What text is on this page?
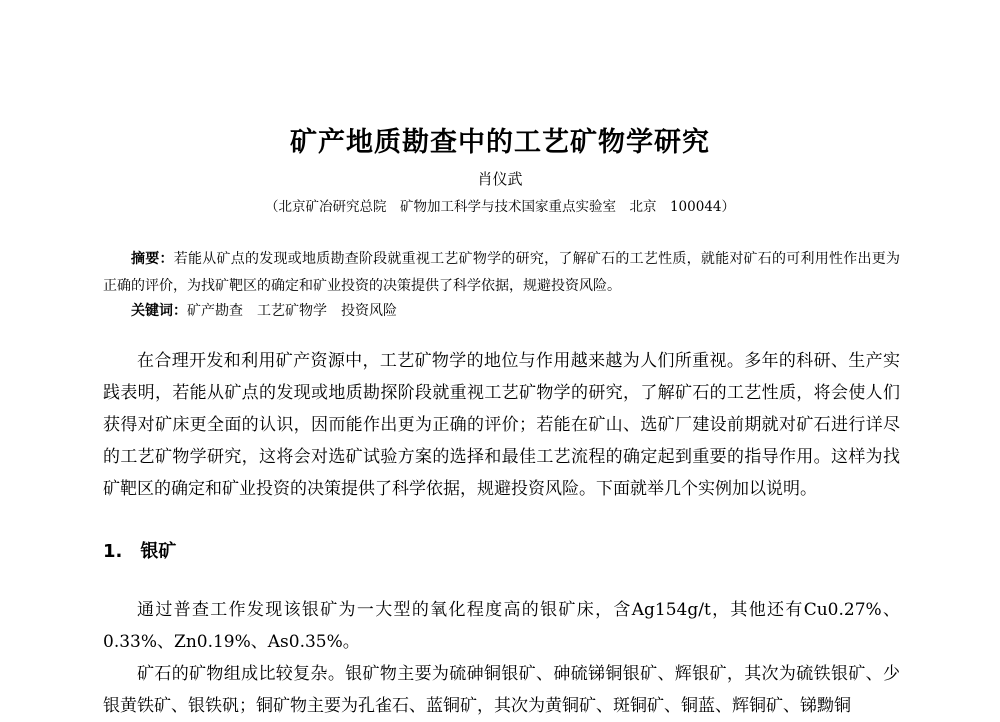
矿产地质勘查中的工艺矿物学研究
肖仪武
（北京矿冶研究总院　矿物加工科学与技术国家重点实验室　北京　100044）
摘要：若能从矿点的发现或地质勘查阶段就重视工艺矿物学的研究，了解矿石的工艺性质，就能对矿石的可利用性作出更为正确的评价，为找矿靶区的确定和矿业投资的决策提供了科学依据，规避投资风险。
关键词：矿产勘查　工艺矿物学　投资风险
在合理开发和利用矿产资源中，工艺矿物学的地位与作用越来越为人们所重视。多年的科研、生产实践表明，若能从矿点的发现或地质勘探阶段就重视工艺矿物学的研究，了解矿石的工艺性质，将会使人们获得对矿床更全面的认识，因而能作出更为正确的评价；若能在矿山、选矿厂建设前期就对矿石进行详尽的工艺矿物学研究，这将会对选矿试验方案的选择和最佳工艺流程的确定起到重要的指导作用。这样为找矿靶区的确定和矿业投资的决策提供了科学依据，规避投资风险。下面就举几个实例加以说明。
1.　银矿
通过普查工作发现该银矿为一大型的氧化程度高的银矿床，含Ag154g/t，其他还有Cu0.27%、0.33%、Zn0.19%、As0.35%。
矿石的矿物组成比较复杂。银矿物主要为硫砷铜银矿、砷硫锑铜银矿、辉银矿，其次为硫铁银矿、少银黄铁矿、银铁矾；铜矿物主要为孔雀石、蓝铜矿，其次为黄铜矿、斑铜矿、铜蓝、辉铜矿、锑黝铜
